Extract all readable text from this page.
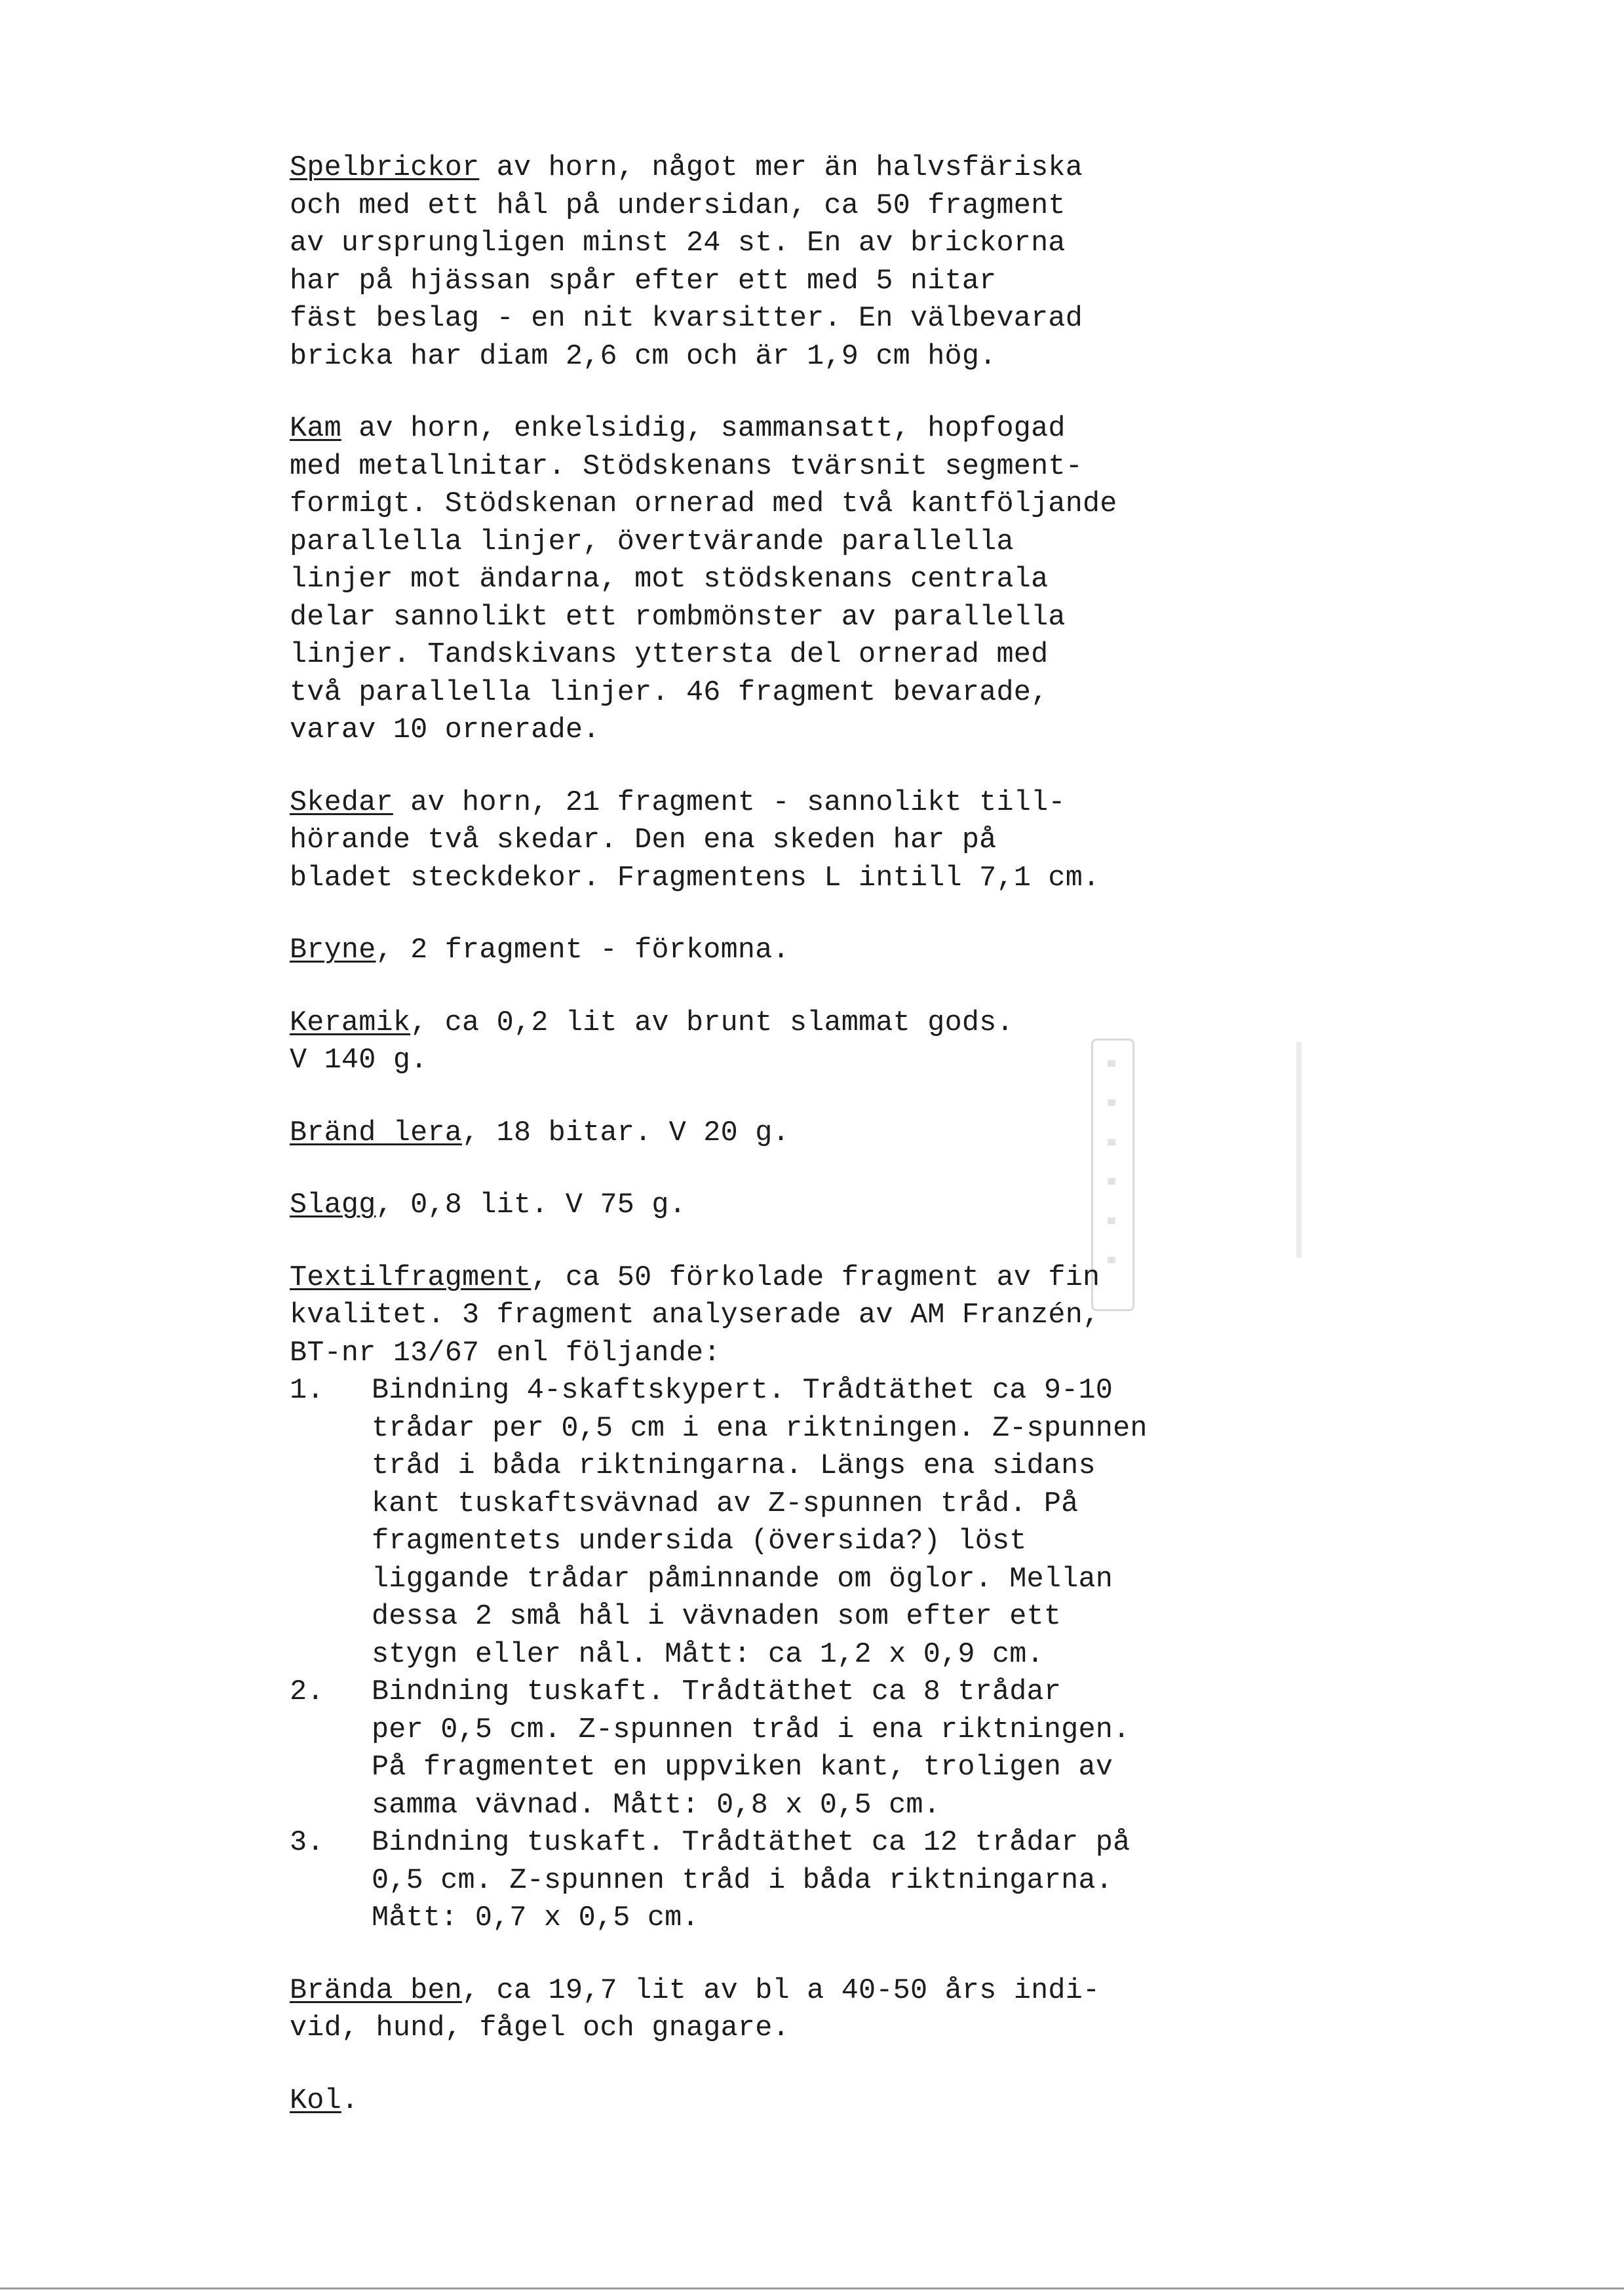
Spelbrickor av horn, något mer än halvsfäriska
och med ett hål på undersidan, ca 50 fragment
av ursprungligen minst 24 st. En av brickorna
har på hjässan spår efter ett med 5 nitar
fäst beslag - en nit kvarsitter. En välbevarad
bricka har diam 2,6 cm och är 1,9 cm hög.

Kam av horn, enkelsidig, sammansatt, hopfogad
med metallnitar. Stödskenans tvärsnit segment-
formigt. Stödskenan ornerad med två kantföljande
parallella linjer, övertvärande parallella
linjer mot ändarna, mot stödskenans centrala
delar sannolikt ett rombmönster av parallella
linjer. Tandskivans yttersta del ornerad med
två parallella linjer. 46 fragment bevarade,
varav 10 ornerade.

Skedar av horn, 21 fragment - sannolikt till-
hörande två skedar. Den ena skeden har på
bladet steckdekor. Fragmentens L intill 7,1 cm.

Bryne, 2 fragment - förkomna.

Keramik, ca 0,2 lit av brunt slammat gods.
V 140 g.

Bränd lera, 18 bitar. V 20 g.

Slagg, 0,8 lit. V 75 g.

Textilfragment, ca 50 förkolade fragment av fin
kvalitet. 3 fragment analyserade av AM Franzén,
BT-nr 13/67 enl följande:

1.	Bindning 4-skaftskypert. Trådtäthet ca 9-10
trådar per 0,5 cm i ena riktningen. Z-spunnen
tråd i båda riktningarna. Längs ena sidans
kant tuskaftsvävnad av Z-spunnen tråd. På
fragmentets undersida (översida?) löst
liggande trådar påminnande om öglor. Mellan
dessa 2 små hål i vävnaden som efter ett
stygn eller nål. Mått: ca 1,2 x 0,9 cm.
2.	Bindning tuskaft. Trådtäthet ca 8 trådar
per 0,5 cm. Z-spunnen tråd i ena riktningen.
På fragmentet en uppviken kant, troligen av
samma vävnad. Mått: 0,8 x 0,5 cm.
3.	Bindning tuskaft. Trådtäthet ca 12 trådar på
0,5 cm. Z-spunnen tråd i båda riktningarna.
Mått: 0,7 x 0,5 cm.

Brända ben, ca 19,7 lit av bl a 40-50 års indi-
vid, hund, fågel och gnagare.

Kol.
